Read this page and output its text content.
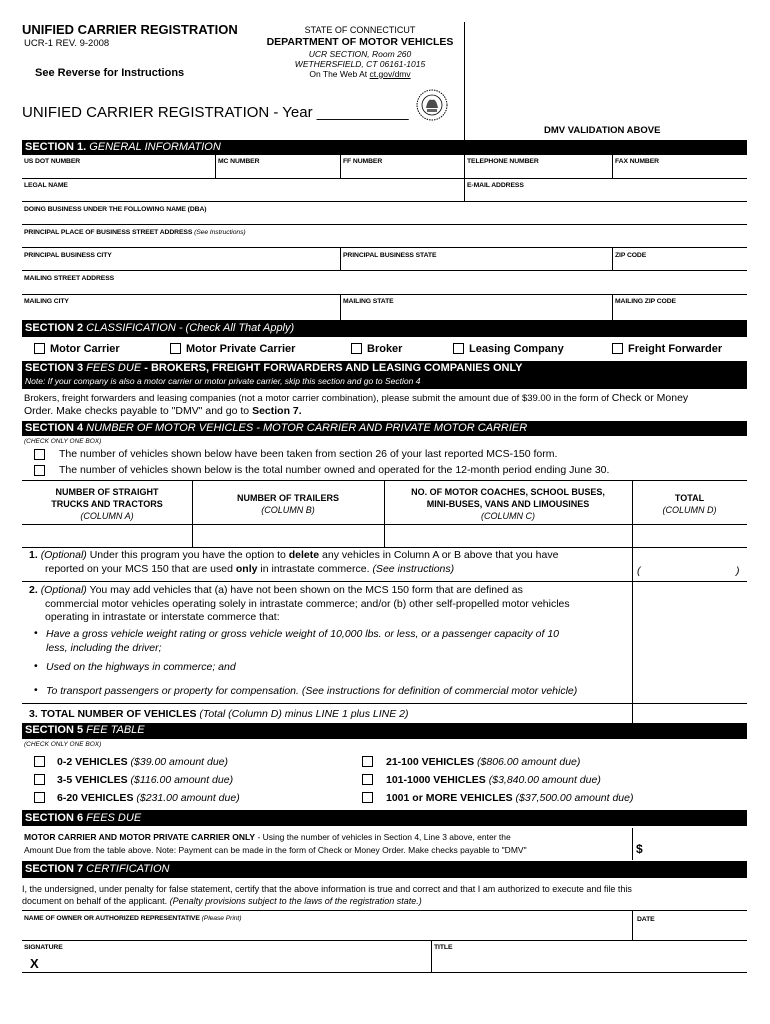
UNIFIED CARRIER REGISTRATION
UCR-1 REV. 9-2008
See Reverse for Instructions
STATE OF CONNECTICUT
DEPARTMENT OF MOTOR VEHICLES
UCR SECTION, Room 260
WETHERSFIELD, CT 06161-1015
On The Web At ct.gov/dmv
UNIFIED CARRIER REGISTRATION - Year ___________
DMV VALIDATION ABOVE
SECTION 1. GENERAL INFORMATION
US DOT NUMBER	MC NUMBER	FF NUMBER	TELEPHONE NUMBER	FAX NUMBER
LEGAL NAME	E-MAIL ADDRESS
DOING BUSINESS UNDER THE FOLLOWING NAME (DBA)
PRINCIPAL PLACE OF BUSINESS STREET ADDRESS (See Instructions)
PRINCIPAL BUSINESS CITY	PRINCIPAL BUSINESS STATE	ZIP CODE
MAILING STREET ADDRESS
MAILING CITY	MAILING STATE	MAILING ZIP CODE
SECTION 2 CLASSIFICATION - (Check All That Apply)
Motor Carrier	Motor Private Carrier	Broker	Leasing Company	Freight Forwarder
SECTION 3 FEES DUE - BROKERS, FREIGHT FORWARDERS AND LEASING COMPANIES ONLY
Note: If your company is also a motor carrier or motor private carrier, skip this section and go to Section 4
Brokers, freight forwarders and leasing companies (not a motor carrier combination), please submit the amount due of $39.00 in the form of Check or Money
Order. Make checks payable to "DMV" and go to Section 7.
SECTION 4 NUMBER OF MOTOR VEHICLES - MOTOR CARRIER AND PRIVATE MOTOR CARRIER
(CHECK ONLY ONE BOX)
The number of vehicles shown below have been taken from section 26 of your last reported MCS-150 form.
The number of vehicles shown below is the total number owned and operated for the 12-month period ending June 30.
NUMBER OF STRAIGHT
TRUCKS AND TRACTORS
(COLUMN A)
NUMBER OF TRAILERS
(COLUMN B)
NO. OF MOTOR COACHES, SCHOOL BUSES,
MINI-BUSES, VANS AND LIMOUSINES
(COLUMN C)
TOTAL
(COLUMN D)
1. (Optional) Under this program you have the option to delete any vehicles in Column A or B above that you have
reported on your MCS 150 that are used only in intrastate commerce. (See instructions)	(	)
2. (Optional) You may add vehicles that (a) have not been shown on the MCS 150 form that are defined as
commercial motor vehicles operating solely in intrastate commerce; and/or (b) other self-propelled motor vehicles
operating in intrastate or interstate commerce that:
• Have a gross vehicle weight rating or gross vehicle weight of 10,000 lbs. or less, or a passenger capacity of 10
less, including the driver;
• Used on the highways in commerce; and
• To transport passengers or property for compensation. (See instructions for definition of commercial motor vehicle)
3. TOTAL NUMBER OF VEHICLES (Total (Column D) minus LINE 1 plus LINE 2)
SECTION 5 FEE TABLE
(CHECK ONLY ONE BOX)
0-2 VEHICLES ($39.00 amount due)
3-5 VEHICLES ($116.00 amount due)
6-20 VEHICLES ($231.00 amount due)
21-100 VEHICLES ($806.00 amount due)
101-1000 VEHICLES ($3,840.00 amount due)
1001 or MORE VEHICLES ($37,500.00 amount due)
SECTION 6 FEES DUE
MOTOR CARRIER AND MOTOR PRIVATE CARRIER ONLY - Using the number of vehicles in Section 4, Line 3 above, enter the
Amount Due from the table above. Note: Payment can be made in the form of Check or Money Order. Make checks payable to "DMV"	$
SECTION 7 CERTIFICATION
I, the undersigned, under penalty for false statement, certify that the above information is true and correct and that I am authorized to execute and file this
document on behalf of the applicant. (Penalty provisions subject to the laws of the registration state.)
NAME OF OWNER OR AUTHORIZED REPRESENTATIVE (Please Print)	DATE
SIGNATURE	TITLE
X
